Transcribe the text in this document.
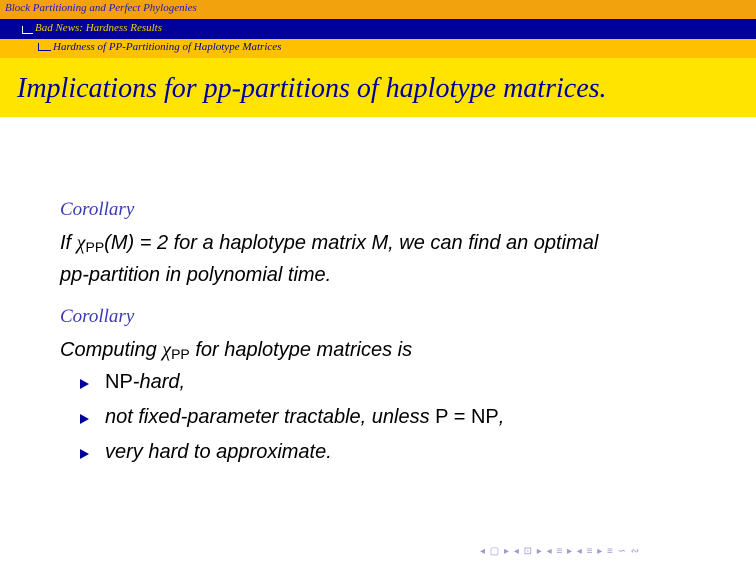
Block Partitioning and Perfect Phylogenies
Bad News: Hardness Results
Hardness of PP-Partitioning of Haplotype Matrices
Implications for pp-partitions of haplotype matrices.
Corollary
If $\chi_{PP}(M) = 2$ for a haplotype matrix M, we can find an optimal
pp-partition in polynomial time.
Corollary
Computing $\chi_{PP}$ for haplotype matrices is
NP-hard,
not fixed-parameter tractable, unless P = NP,
very hard to approximate.
◂ ▢ ▸ ◂ ⊡ ▸ ◂ ≡ ▸ ◂ ≡ ▸ ≡ ∽ ∾
